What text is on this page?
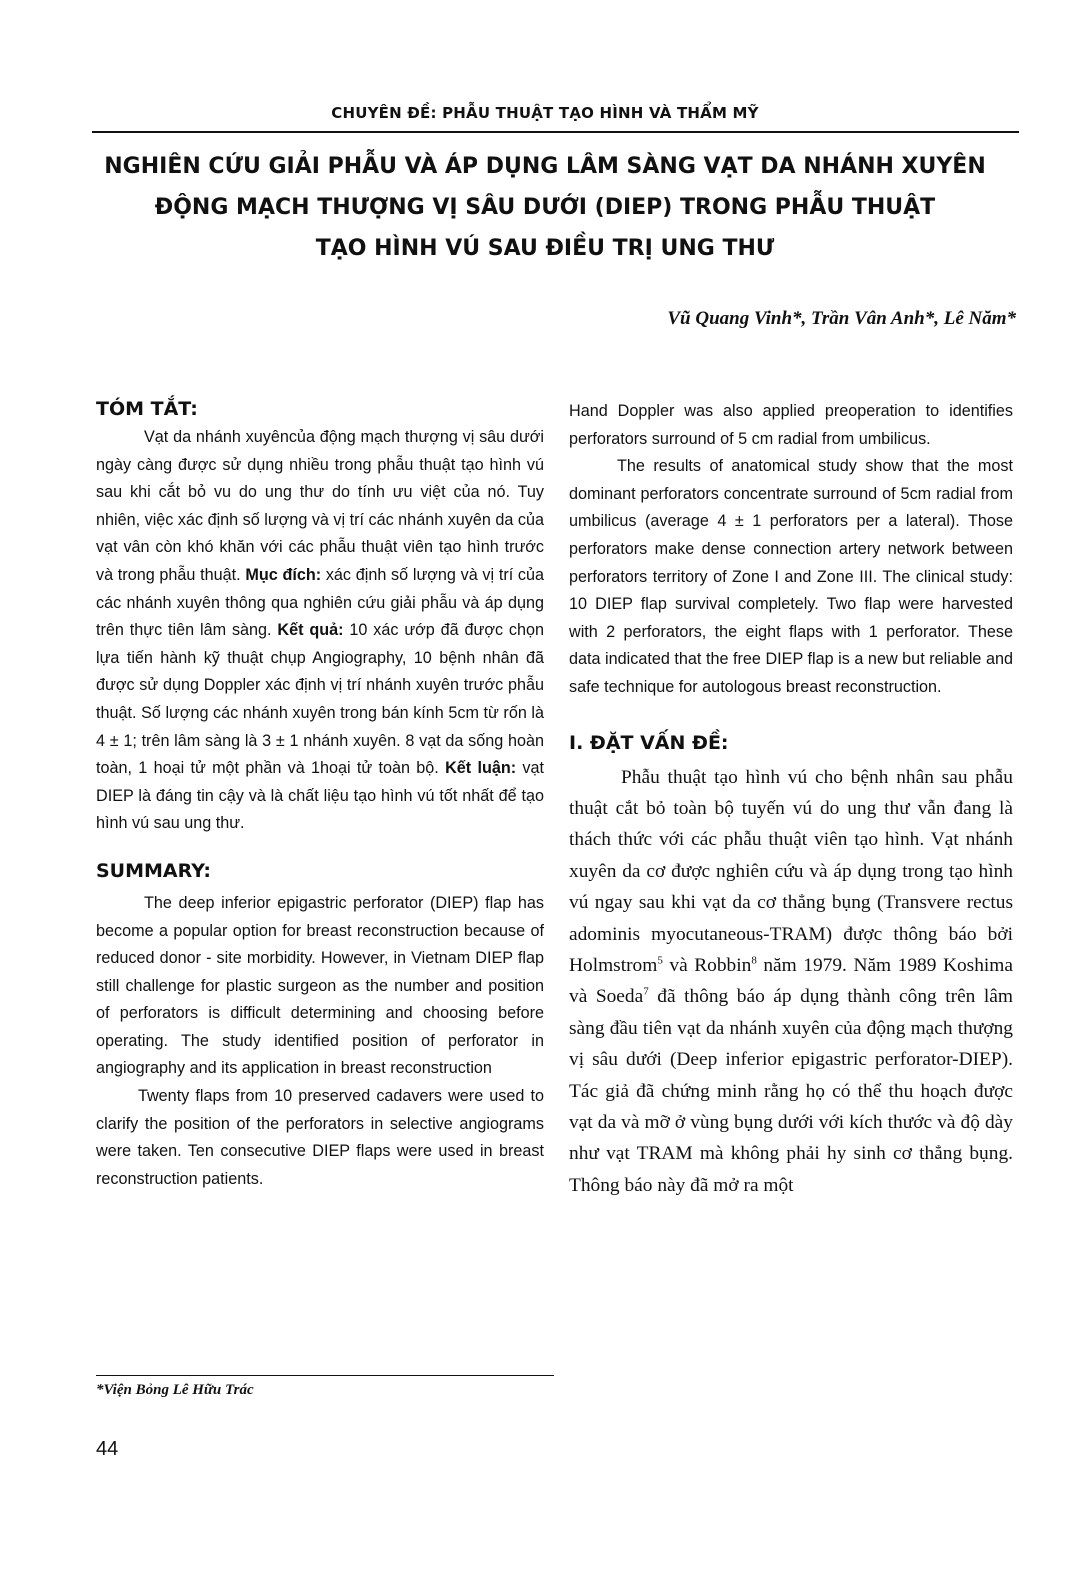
CHUYÊN ĐỀ: PHẪU THUẬT TẠO HÌNH VÀ THẨM MỸ
NGHIÊN CỨU GIẢI PHẪU VÀ ÁP DỤNG LÂM SÀNG VẠT DA NHÁNH XUYÊN
ĐỘNG MẠCH THƯỢNG VỊ SÂU DƯỚI (DIEP) TRONG PHẪU THUẬT
TẠO HÌNH VÚ SAU ĐIỀU TRỊ UNG THƯ
Vũ Quang Vinh*, Trần Vân Anh*, Lê Năm*
TÓM TẮT:

Vạt da nhánh xuyêncủa động mạch thượng vị sâu dưới ngày càng được sử dụng nhiều trong phẫu thuật tạo hình vú sau khi cắt bỏ vu do ung thư do tính ưu việt của nó. Tuy nhiên, việc xác định số lượng và vị trí các nhánh xuyên da của vạt vân còn khó khăn với các phẫu thuật viên tạo hình trước và trong phẫu thuật. Mục đích: xác định số lượng và vị trí của các nhánh xuyên thông qua nghiên cứu giải phẫu và áp dụng trên thực tiên lâm sàng. Kết quả: 10 xác ướp đã được chọn lựa tiến hành kỹ thuật chụp Angiography, 10 bệnh nhân đã được sử dụng Doppler xác định vị trí nhánh xuyên trước phẫu thuật. Số lượng các nhánh xuyên trong bán kính 5cm từ rốn là 4 ± 1; trên lâm sàng là 3 ± 1 nhánh xuyên. 8 vạt da sống hoàn toàn, 1 hoại tử một phần và 1hoại tử toàn bộ. Kết luận: vạt DIEP là đáng tin cậy và là chất liệu tạo hình vú tốt nhất để tạo hình vú sau ung thư.

SUMMARY:

The deep inferior epigastric perforator (DIEP) flap has become a popular option for breast reconstruction because of reduced donor - site morbidity. However, in Vietnam DIEP flap still challenge for plastic surgeon as the number and position of perforators is difficult determining and choosing before operating. The study identified position of perforator in angiography and its application in breast reconstruction

Twenty flaps from 10 preserved cadavers were used to clarify the position of the perforators in selective angiograms were taken. Ten consecutive DIEP flaps were used in breast reconstruction patients.

Hand Doppler was also applied preoperation to identifies perforators surround of 5 cm radial from umbilicus.

The results of anatomical study show that the most dominant perforators concentrate surround of 5cm radial from umbilicus (average 4 ± 1 perforators per a lateral). Those perforators make dense connection artery network between perforators territory of Zone I and Zone III. The clinical study: 10 DIEP flap survival completely. Two flap were harvested with 2 perforators, the eight flaps with 1 perforator. These data indicated that the free DIEP flap is a new but reliable and safe technique for autologous breast reconstruction.

I. ĐẶT VẤN ĐỀ:

Phẫu thuật tạo hình vú cho bệnh nhân sau phẫu thuật cắt bỏ toàn bộ tuyến vú do ung thư vẫn đang là thách thức với các phẫu thuật viên tạo hình. Vạt nhánh xuyên da cơ được nghiên cứu và áp dụng trong tạo hình vú ngay sau khi vạt da cơ thẳng bụng (Transvere rectus adominis myocutaneous-TRAM) được thông báo bởi Holmstrom$^5$ và Robbin$^8$ năm 1979. Năm 1989 Koshima và Soeda$^7$ đã thông báo áp dụng thành công trên lâm sàng đầu tiên vạt da nhánh xuyên của động mạch thượng vị sâu dưới (Deep inferior epigastric perforator-DIEP). Tác giả đã chứng minh rằng họ có thể thu hoạch được vạt da và mỡ ở vùng bụng dưới với kích thước và độ dày như vạt TRAM mà không phải hy sinh cơ thẳng bụng. Thông báo này đã mở ra một

*Viện Bỏng Lê Hữu Trác
44
